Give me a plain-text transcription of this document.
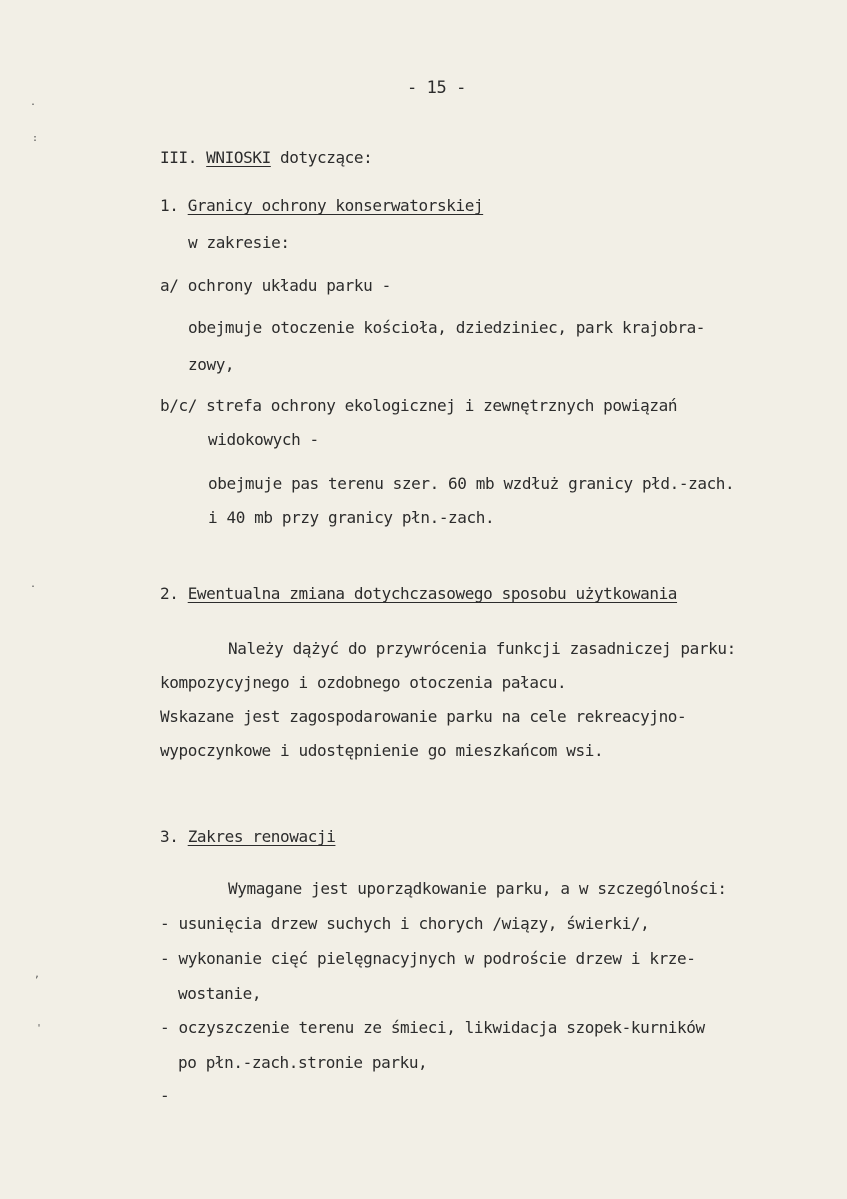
- 15 -
III. WNIOSKI dotyczące:
1. Granicy ochrony konserwatorskiej
w zakresie:
a/ ochrony układu parku -
obejmuje otoczenie kościoła, dziedziniec, park krajobra-
zowy,
b/c/ strefa ochrony ekologicznej i zewnętrznych powiązań
widokowych -
obejmuje pas terenu szer. 60 mb wzdłuż granicy płd.-zach.
i 40 mb przy granicy płn.-zach.
2. Ewentualna zmiana dotychczasowego sposobu użytkowania
Należy dążyć do przywrócenia funkcji zasadniczej parku:
kompozycyjnego i ozdobnego otoczenia pałacu.
Wskazane jest zagospodarowanie parku na cele rekreacyjno-
wypoczynkowe i udostępnienie go mieszkańcom wsi.
3. Zakres renowacji
Wymagane jest uporządkowanie parku, a w szczególności:
- usunięcia drzew suchych i chorych /wiązy, świerki/,
- wykonanie cięć pielęgnacyjnych w podroście drzew i krze-
wostanie,
- oczyszczenie terenu ze śmieci, likwidacja szopek-kurników
po płn.-zach.stronie parku,
-
.
:
.
,
'
